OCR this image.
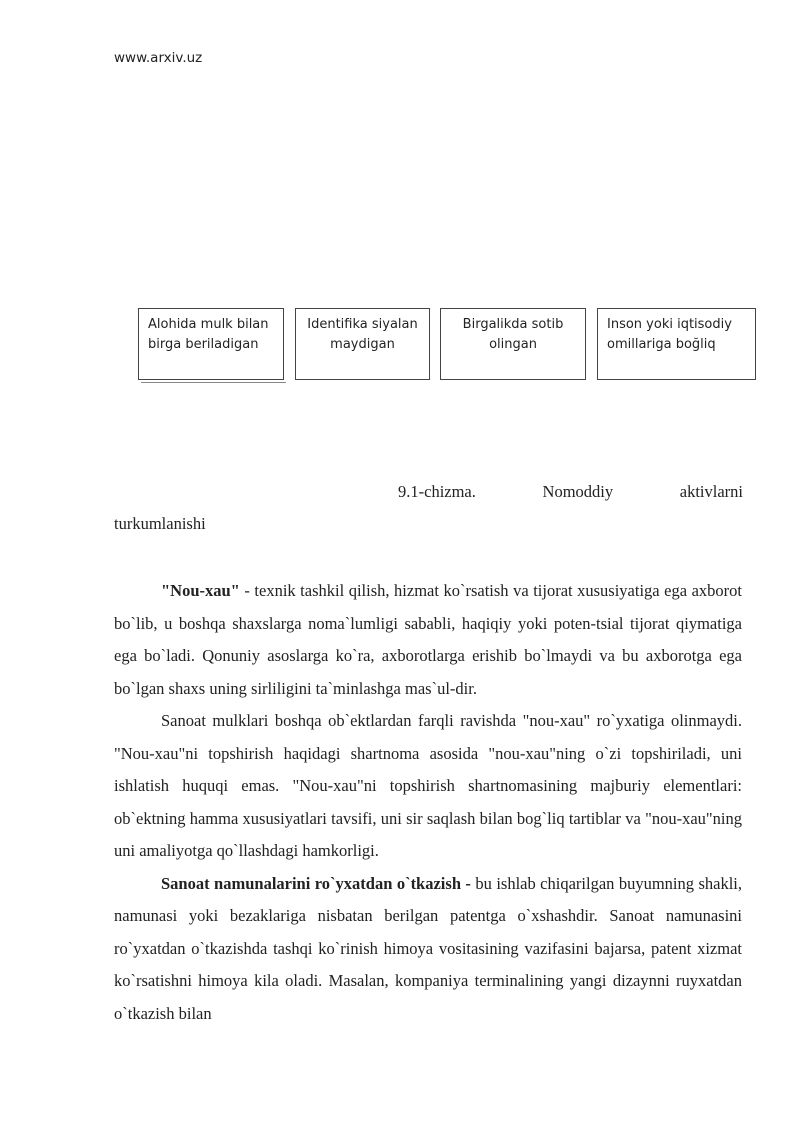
www.arxiv.uz
Alohida mulk bilan birga beriladigan
Identifika siyalanmaydigan
Birgalikda sotib olingan
Inson yoki iqtisodiy omillariga boğliq
9.1-chizma. Nomoddiy aktivlarni
turkumlanishi

"Nou-xau" - texnik tashkil qilish, hizmat ko`rsatish va tijorat xususiyatiga ega axborot bo`lib, u boshqa shaxslarga noma`lumligi sababli, haqiqiy yoki poten-tsial tijorat qiymatiga ega bo`ladi. Qonuniy asoslarga ko`ra, axborotlarga erishib bo`lmaydi va bu axborotga ega bo`lgan shaxs uning sirliligini ta`minlashga mas`ul-dir.

Sanoat mulklari boshqa ob`ektlardan farqli ravishda "nou-xau" ro`yxatiga olinmaydi. "Nou-xau"ni topshirish haqidagi shartnoma asosida "nou-xau"ning o`zi topshiriladi, uni ishlatish huquqi emas. "Nou-xau"ni topshirish shartnomasining majburiy elementlari: ob`ektning hamma xususiyatlari tavsifi, uni sir saqlash bilan bog`liq tartiblar va "nou-xau"ning uni amaliyotga qo`llashdagi hamkorligi.

Sanoat namunalarini ro`yxatdan o`tkazish - bu ishlab chiqarilgan buyumning shakli, namunasi yoki bezaklariga nisbatan berilgan patentga o`xshashdir. Sanoat namunasini ro`yxatdan o`tkazishda tashqi ko`rinish himoya vositasining vazifasini bajarsa, patent xizmat ko`rsatishni himoya kila oladi. Masalan, kompaniya terminalining yangi dizaynni ruyxatdan o`tkazish bilan
